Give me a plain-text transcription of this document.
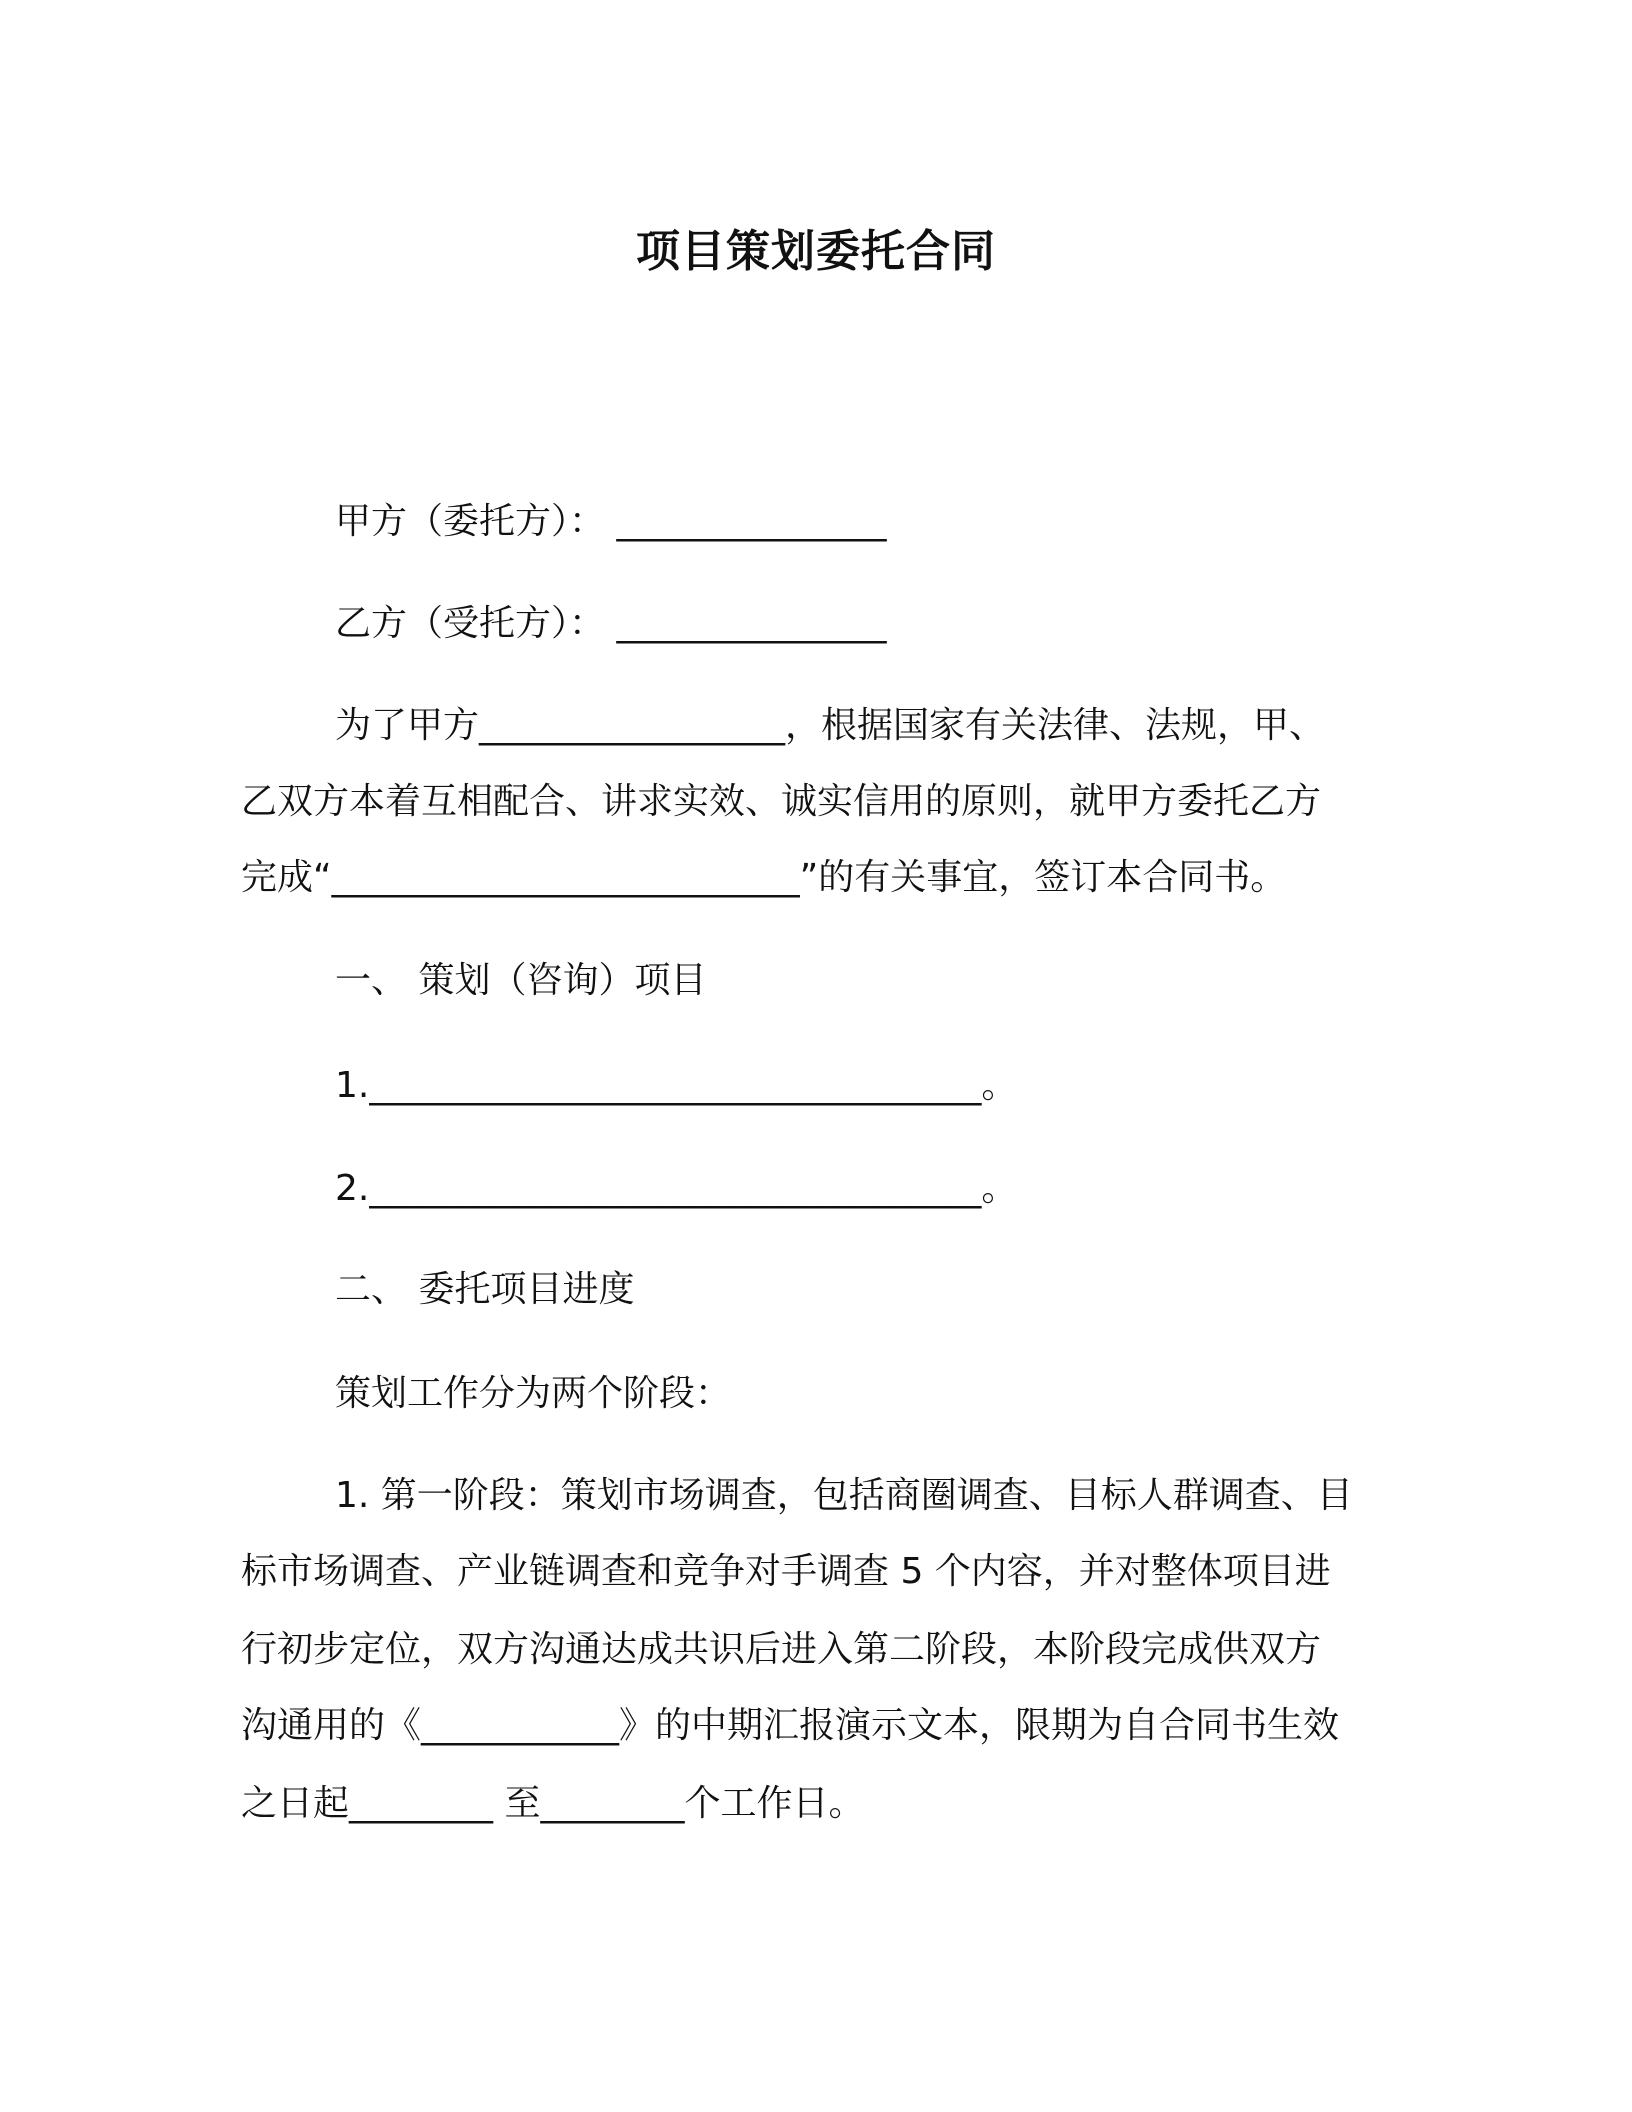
项目策划委托合同
甲方（委托方）： _______________
乙方（受托方）： _______________
为了甲方_________________，根据国家有关法律、法规，甲、
乙双方本着互相配合、讲求实效、诚实信用的原则，就甲方委托乙方
完成“__________________________”的有关事宜，签订本合同书。
一、 策划（咨询）项目
1.__________________________________。
2.__________________________________。
二、 委托项目进度
策划工作分为两个阶段：
1. 第一阶段：策划市场调查，包括商圈调查、目标人群调查、目
标市场调查、产业链调查和竞争对手调查 5 个内容，并对整体项目进
行初步定位，双方沟通达成共识后进入第二阶段，本阶段完成供双方
沟通用的《___________》的中期汇报演示文本，限期为自合同书生效
之日起________ 至________个工作日。
